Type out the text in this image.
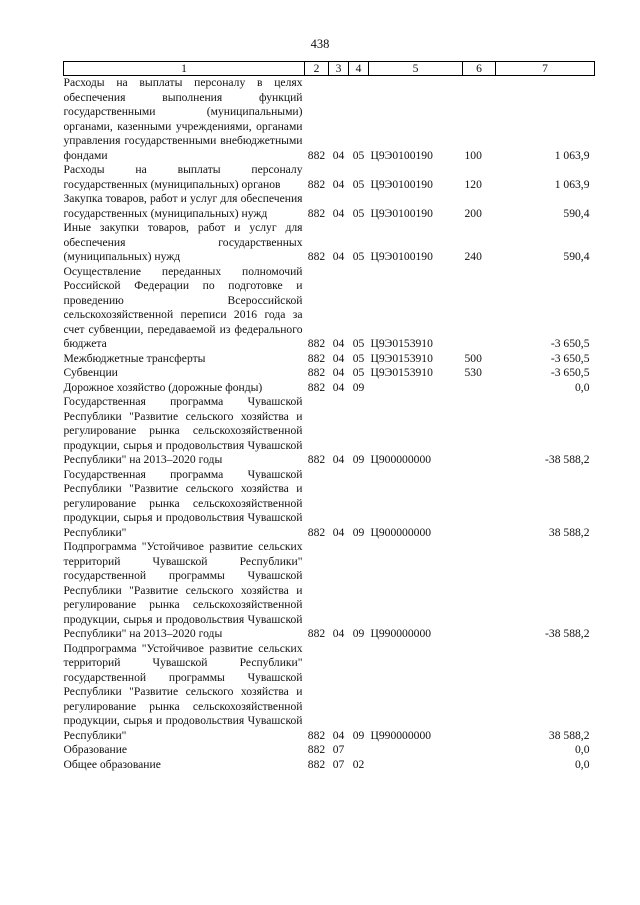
438
1	2	3	4	5	6	7
Расходы на выплаты персоналу в целях обеспечения выполнения функций государственными (муниципальными) органами, казенными учреждениями, органами управления государственными внебюджетными фондами	882	04	05	Ц9Э0100190	100	1 063,9
Расходы на выплаты персоналу государственных (муниципальных) органов	882	04	05	Ц9Э0100190	120	1 063,9
Закупка товаров, работ и услуг для обеспечения государственных (муниципальных) нужд	882	04	05	Ц9Э0100190	200	590,4
Иные закупки товаров, работ и услуг для обеспечения государственных (муниципальных) нужд	882	04	05	Ц9Э0100190	240	590,4
Осуществление переданных полномочий Российской Федерации по подготовке и проведению Всероссийской сельскохозяйственной переписи 2016 года за счет субвенции, передаваемой из федерального бюджета	882	04	05	Ц9Э0153910		-3 650,5
Межбюджетные трансферты	882	04	05	Ц9Э0153910	500	-3 650,5
Субвенции	882	04	05	Ц9Э0153910	530	-3 650,5
Дорожное хозяйство (дорожные фонды)	882	04	09			0,0
Государственная программа Чувашской Республики "Развитие сельского хозяйства и регулирование рынка сельскохозяйственной продукции, сырья и продовольствия Чувашской Республики" на 2013–2020 годы	882	04	09	Ц900000000		-38 588,2
Государственная программа Чувашской Республики "Развитие сельского хозяйства и регулирование рынка сельскохозяйственной продукции, сырья и продовольствия Чувашской Республики"	882	04	09	Ц900000000		38 588,2
Подпрограмма "Устойчивое развитие сельских территорий Чувашской Республики" государственной программы Чувашской Республики "Развитие сельского хозяйства и регулирование рынка сельскохозяйственной продукции, сырья и продовольствия Чувашской Республики" на 2013–2020 годы	882	04	09	Ц990000000		-38 588,2
Подпрограмма "Устойчивое развитие сельских территорий Чувашской Республики" государственной программы Чувашской Республики "Развитие сельского хозяйства и регулирование рынка сельскохозяйственной продукции, сырья и продовольствия Чувашской Республики"	882	04	09	Ц990000000		38 588,2
Образование	882	07				0,0
Общее образование	882	07	02			0,0
